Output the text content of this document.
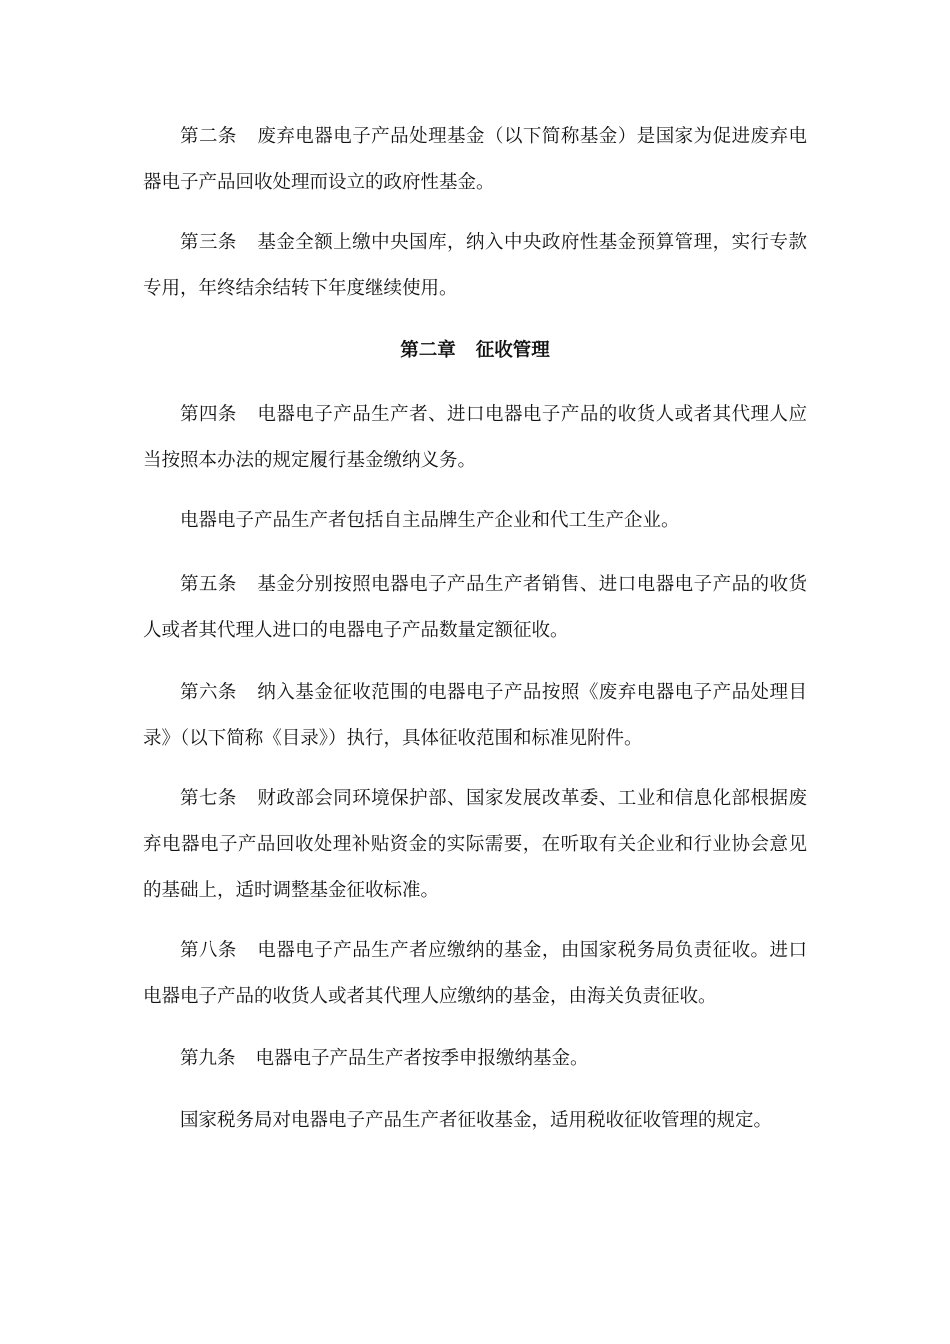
第二条 废弃电器电子产品处理基金（以下简称基金）是国家为促进废弃电器电子产品回收处理而设立的政府性基金。

第三条 基金全额上缴中央国库，纳入中央政府性基金预算管理，实行专款专用，年终结余结转下年度继续使用。

第二章 征收管理

第四条 电器电子产品生产者、进口电器电子产品的收货人或者其代理人应当按照本办法的规定履行基金缴纳义务。

电器电子产品生产者包括自主品牌生产企业和代工生产企业。

第五条 基金分别按照电器电子产品生产者销售、进口电器电子产品的收货人或者其代理人进口的电器电子产品数量定额征收。

第六条 纳入基金征收范围的电器电子产品按照《废弃电器电子产品处理目录》（以下简称《目录》）执行，具体征收范围和标准见附件。

第七条 财政部会同环境保护部、国家发展改革委、工业和信息化部根据废弃电器电子产品回收处理补贴资金的实际需要，在听取有关企业和行业协会意见的基础上，适时调整基金征收标准。

第八条 电器电子产品生产者应缴纳的基金，由国家税务局负责征收。进口电器电子产品的收货人或者其代理人应缴纳的基金，由海关负责征收。

第九条 电器电子产品生产者按季申报缴纳基金。

国家税务局对电器电子产品生产者征收基金，适用税收征收管理的规定。
